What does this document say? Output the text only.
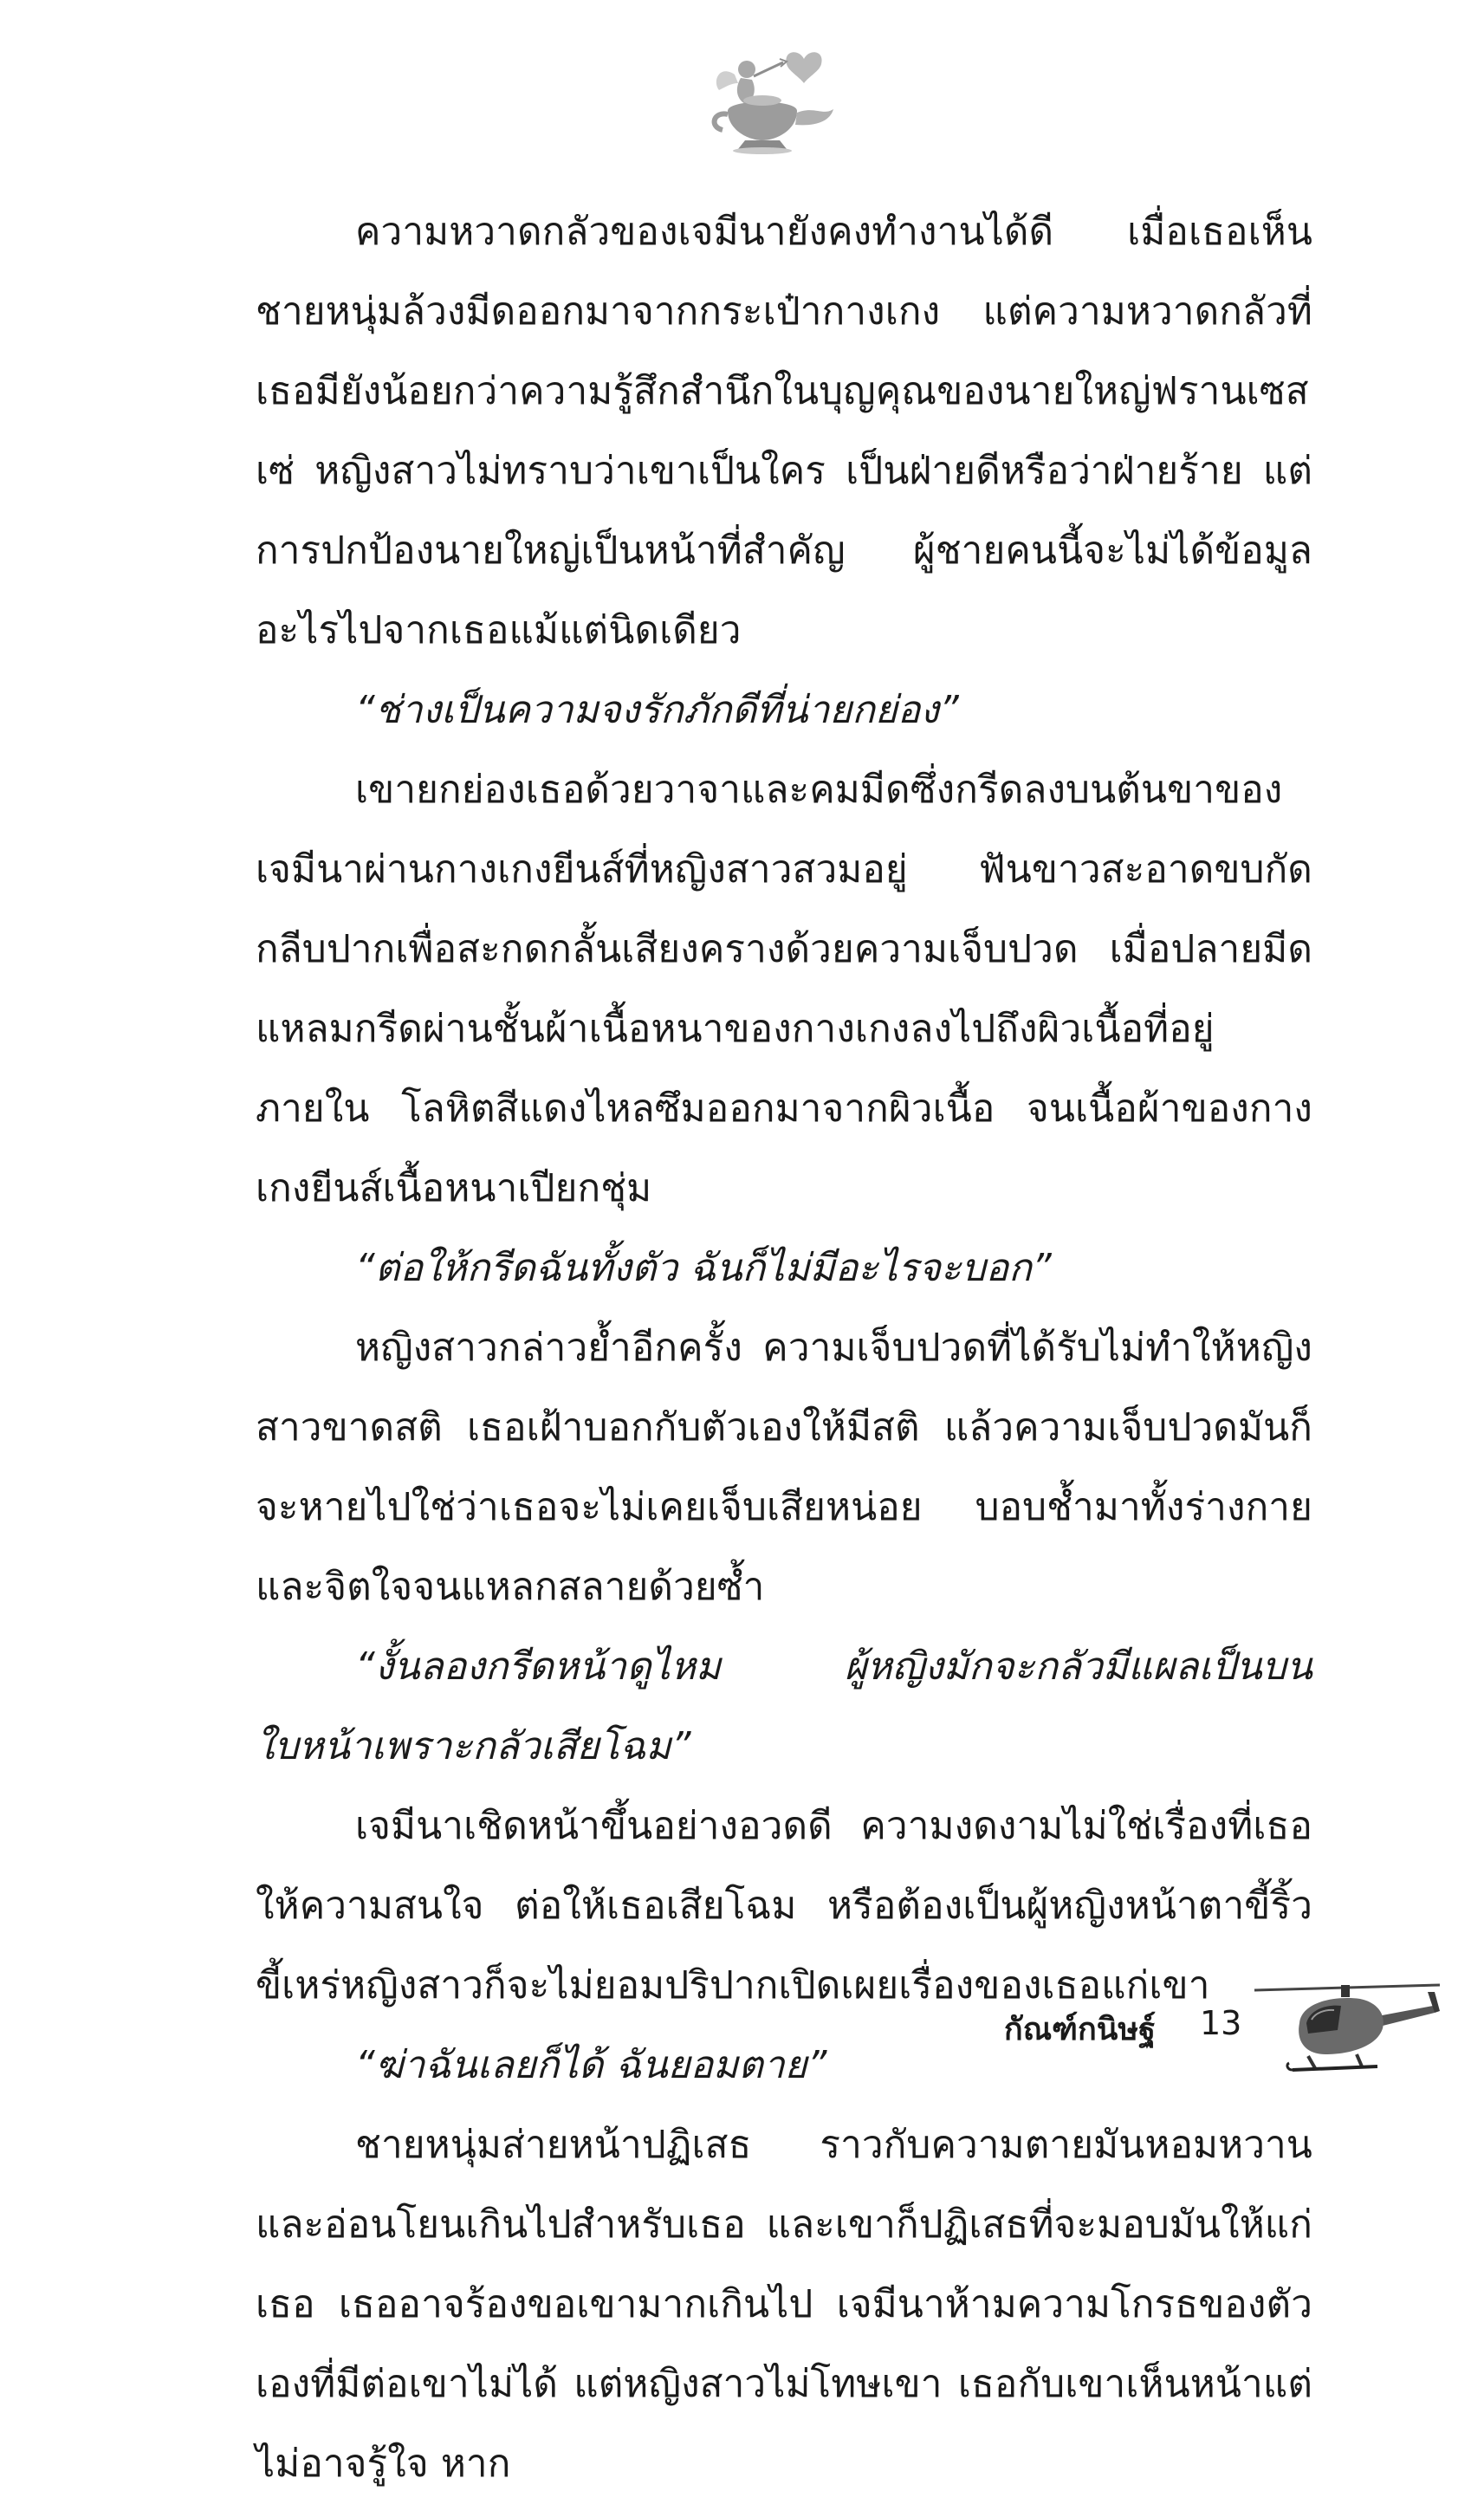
ความหวาดกลัวของเจมีนายังคงทำงานได้ดี เมื่อเธอเห็นชายหนุ่มล้วงมีดออกมาจากกระเป๋ากางเกง แต่ความหวาดกลัวที่เธอมียังน้อยกว่าความรู้สึกสำนึกในบุญคุณของนายใหญ่ฟรานเซสเซ่ หญิงสาวไม่ทราบว่าเขาเป็นใคร เป็นฝ่ายดีหรือว่าฝ่ายร้าย แต่การปกป้องนายใหญ่เป็นหน้าที่สำคัญ ผู้ชายคนนี้จะไม่ได้ข้อมูลอะไรไปจากเธอแม้แต่นิดเดียว

“ช่างเป็นความจงรักภักดีที่น่ายกย่อง”

เขายกย่องเธอด้วยวาจาและคมมีดซึ่งกรีดลงบนต้นขาของเจมีนาผ่านกางเกงยีนส์ที่หญิงสาวสวมอยู่ ฟันขาวสะอาดขบกัดกลีบปากเพื่อสะกดกลั้นเสียงครางด้วยความเจ็บปวด เมื่อปลายมีดแหลมกรีดผ่านชั้นผ้าเนื้อหนาของกางเกงลงไปถึงผิวเนื้อที่อยู่ภายใน โลหิตสีแดงไหลซึมออกมาจากผิวเนื้อ จนเนื้อผ้าของกางเกงยีนส์เนื้อหนาเปียกชุ่ม

“ต่อให้กรีดฉันทั้งตัว ฉันก็ไม่มีอะไรจะบอก”

หญิงสาวกล่าวย้ำอีกครั้ง ความเจ็บปวดที่ได้รับไม่ทำให้หญิงสาวขาดสติ เธอเฝ้าบอกกับตัวเองให้มีสติ แล้วความเจ็บปวดมันก็จะหายไปใช่ว่าเธอจะไม่เคยเจ็บเสียหน่อย บอบช้ำมาทั้งร่างกายและจิตใจจนแหลกสลายด้วยซ้ำ

“งั้นลองกรีดหน้าดูไหม ผู้หญิงมักจะกลัวมีแผลเป็นบนใบหน้าเพราะกลัวเสียโฉม”

เจมีนาเชิดหน้าขึ้นอย่างอวดดี ความงดงามไม่ใช่เรื่องที่เธอให้ความสนใจ ต่อให้เธอเสียโฉม หรือต้องเป็นผู้หญิงหน้าตาขี้ริ้วขี้เหร่หญิงสาวก็จะไม่ยอมปริปากเปิดเผยเรื่องของเธอแก่เขา

“ฆ่าฉันเลยก็ได้ ฉันยอมตาย”

ชายหนุ่มส่ายหน้าปฏิเสธ ราวกับความตายมันหอมหวานและอ่อนโยนเกินไปสำหรับเธอ และเขาก็ปฏิเสธที่จะมอบมันให้แก่เธอ เธออาจร้องขอเขามากเกินไป เจมีนาห้ามความโกรธของตัวเองที่มีต่อเขาไม่ได้ แต่หญิงสาวไม่โทษเขา เธอกับเขาเห็นหน้าแต่ไม่อาจรู้ใจ หาก

กัณฑ์กนิษฐ์ 13
